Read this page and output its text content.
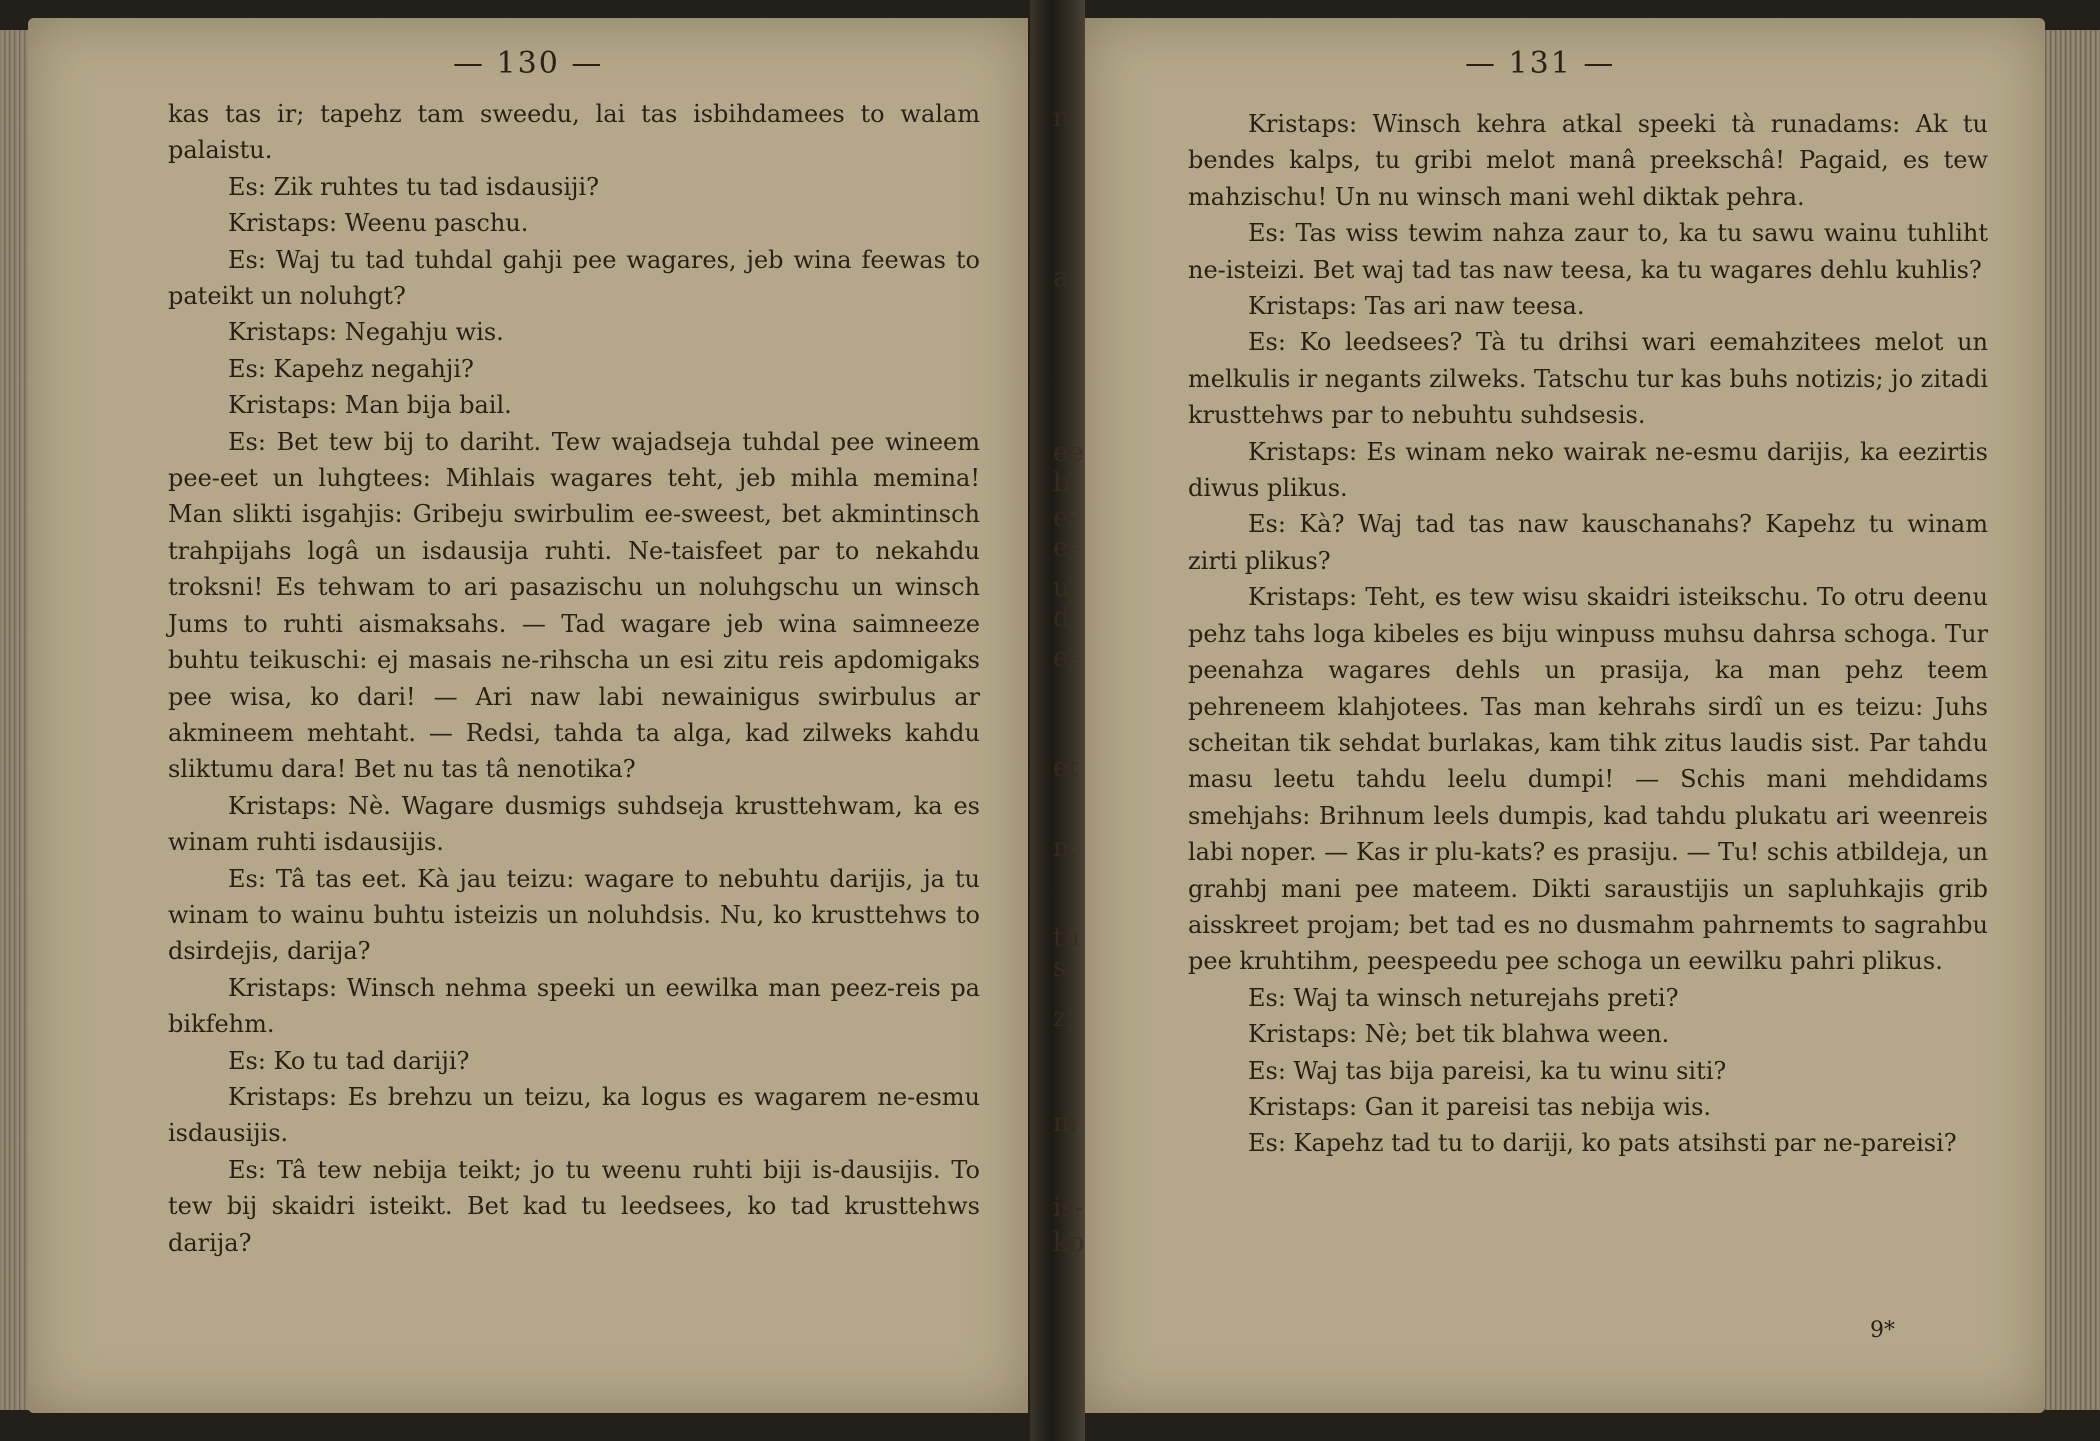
— 130 —

kas tas ir; tapehz tam sweedu, lai tas isbihdamees to walam palaistu.

Es: Zik ruhtes tu tad isdausiji?

Kristaps: Weenu paschu.

Es: Waj tu tad tuhdal gahji pee wagares, jeb wina feewas to pateikt un noluhgt?

Kristaps: Negahju wis.

Es: Kapehz negahji?

Kristaps: Man bija bail.

Es: Bet tew bij to dariht. Tew wajadseja tuhdal pee wineem pee-eet un luhgtees: Mihlais wagares teht, jeb mihla memina! Man slikti isgahjis: Gribeju swirbulim ee-sweest, bet akmintinsch trahpijahs logâ un isdausija ruhti. Ne-taisfeet par to nekahdu troksni! Es tehwam to ari pasazischu un noluhgschu un winsch Jums to ruhti aismaksahs. — Tad wagare jeb wina saimneeze buhtu teikuschi: ej masais ne-rihscha un esi zitu reis apdomigaks pee wisa, ko dari! — Ari naw labi newainigus swirbulus ar akmineem mehtaht. — Redsi, tahda ta alga, kad zilweks kahdu sliktumu dara! Bet nu tas tâ nenotika?

Kristaps: Nè. Wagare dusmigs suhdseja krusttehwam, ka es winam ruhti isdausijis.

Es: Tâ tas eet. Kà jau teizu: wagare to nebuhtu darijis, ja tu winam to wainu buhtu isteizis un noluhdsis. Nu, ko krusttehws to dsirdejis, darija?

Kristaps: Winsch nehma speeki un eewilka man peez-reis pa bikfehm.

Es: Ko tu tad dariji?

Kristaps: Es brehzu un teizu, ka logus es wagarem ne-esmu isdausijis.

Es: Tâ tew nebija teikt; jo tu weenu ruhti biji is-dausijis. To tew bij skaidri isteikt. Bet kad tu leedsees, ko tad krusttehws darija?

n
a
ee
b
e-
e-
u
d
e-
et
n,
tu
s.
z-
m
is-
ko
— 131 —

Kristaps: Winsch kehra atkal speeki tà runadams: Ak tu bendes kalps, tu gribi melot manâ preekschâ! Pagaid, es tew mahzischu! Un nu winsch mani wehl diktak pehra.

Es: Tas wiss tewim nahza zaur to, ka tu sawu wainu tuhliht ne-isteizi. Bet waj tad tas naw teesa, ka tu wagares dehlu kuhlis?

Kristaps: Tas ari naw teesa.

Es: Ko leedsees? Tà tu drihsi wari eemahzitees melot un melkulis ir negants zilweks. Tatschu tur kas buhs notizis; jo zitadi krusttehws par to nebuhtu suhdsesis.

Kristaps: Es winam neko wairak ne-esmu darijis, ka eezirtis diwus plikus.

Es: Kà? Waj tad tas naw kauschanahs? Kapehz tu winam zirti plikus?

Kristaps: Teht, es tew wisu skaidri isteikschu. To otru deenu pehz tahs loga kibeles es biju winpuss muhsu dahrsa schoga. Tur peenahza wagares dehls un prasija, ka man pehz teem pehreneem klahjotees. Tas man kehrahs sirdî un es teizu: Juhs scheitan tik sehdat burlakas, kam tihk zitus laudis sist. Par tahdu masu leetu tahdu leelu dumpi! — Schis mani mehdidams smehjahs: Brihnum leels dumpis, kad tahdu plukatu ari weenreis labi noper. — Kas ir plu-kats? es prasiju. — Tu! schis atbildeja, un grahbj mani pee mateem. Dikti saraustijis un sapluhkajis grib aisskreet projam; bet tad es no dusmahm pahrnemts to sagrahbu pee kruhtihm, peespeedu pee schoga un eewilku pahri plikus.

Es: Waj ta winsch neturejahs preti?

Kristaps: Nè; bet tik blahwa ween.

Es: Waj tas bija pareisi, ka tu winu siti?

Kristaps: Gan it pareisi tas nebija wis.

Es: Kapehz tad tu to dariji, ko pats atsihsti par ne-pareisi?

9*
